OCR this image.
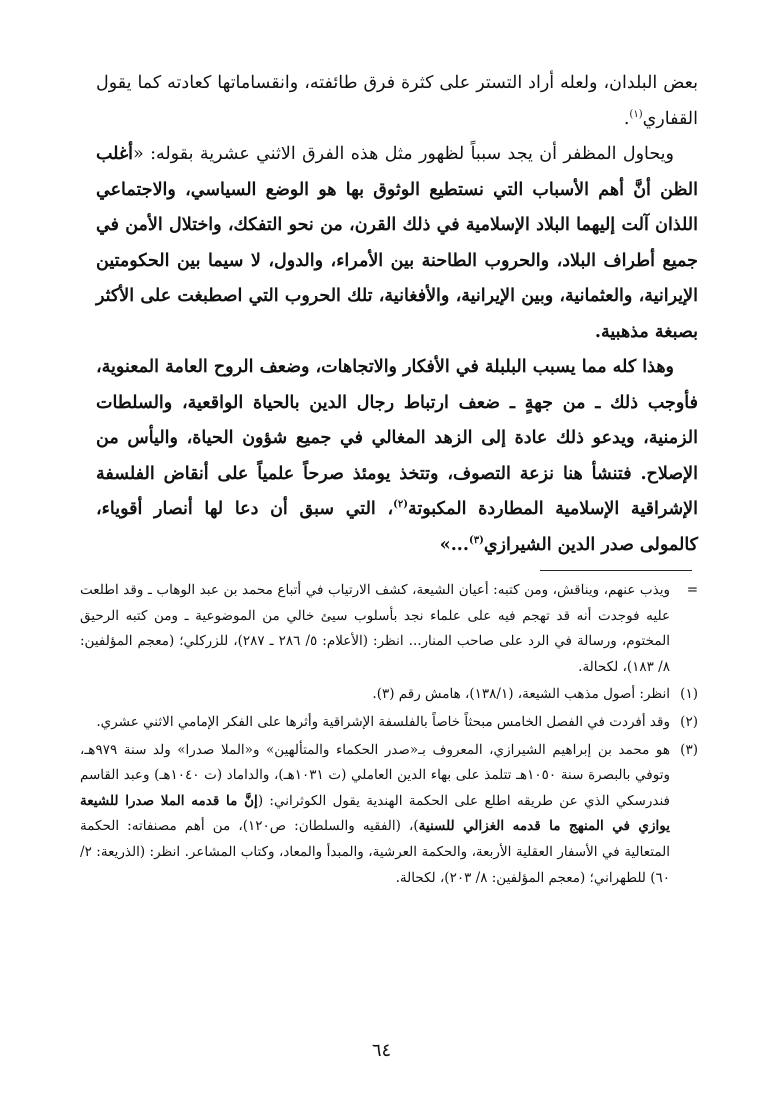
بعض البلدان، ولعله أراد التستر على كثرة فرق طائفته، وانقساماتها كعادته كما يقول القفاري$^{(١)}$.

ويحاول المظفر أن يجد سبباً لظهور مثل هذه الفرق الاثني عشرية بقوله: «أغلب الظن أنَّ أهم الأسباب التي نستطيع الوثوق بها هو الوضع السياسي، والاجتماعي اللذان آلت إليهما البلاد الإسلامية في ذلك القرن، من نحو التفكك، واختلال الأمن في جميع أطراف البلاد، والحروب الطاحنة بين الأمراء، والدول، لا سيما بين الحكومتين الإيرانية، والعثمانية، وبين الإيرانية، والأفغانية، تلك الحروب التي اصطبغت على الأكثر بصبغة مذهبية.

وهذا كله مما يسبب البلبلة في الأفكار والاتجاهات، وضعف الروح العامة المعنوية، فأوجب ذلك ـ من جهةٍ ـ ضعف ارتباط رجال الدين بالحياة الواقعية، والسلطات الزمنية، ويدعو ذلك عادة إلى الزهد المغالي في جميع شؤون الحياة، واليأس من الإصلاح. فتنشأ هنا نزعة التصوف، وتتخذ يومئذ صرحاً علمياً على أنقاض الفلسفة الإشراقية الإسلامية المطاردة المكبوتة$^{(٢)}$، التي سبق أن دعا لها أنصار أقوياء، كالمولى صدر الدين الشيرازي$^{(٣)}$...»

=
ويذب عنهم، ويناقش، ومن كتبه: أعيان الشيعة، كشف الارتياب في أتباع محمد بن عبد الوهاب ـ وقد اطلعت عليه فوجدت أنه قد تهجم فيه على علماء نجد بأسلوب سيئ خالي من الموضوعية ـ ومن كتبه الرحيق المختوم، ورسالة في الرد على صاحب المنار... انظر: (الأعلام: ٥/ ٢٨٦ ـ ٢٨٧)، للزركلي؛ (معجم المؤلفين: ٨/ ١٨٣)، لكحالة.
(١)
انظر: أصول مذهب الشيعة، (١٣٨/١)، هامش رقم (٣).
(٢)
وقد أفردت في الفصل الخامس مبحثاً خاصاً بالفلسفة الإشراقية وأثرها على الفكر الإمامي الاثني عشري.
(٣)
هو محمد بن إبراهيم الشيرازي، المعروف بـ«صدر الحكماء والمتألهين» و«الملا صدرا» ولد سنة ٩٧٩هـ، وتوفي بالبصرة سنة ١٠٥٠هـ تتلمذ على بهاء الدين العاملي (ت ١٠٣١هـ)، والداماد (ت ١٠٤٠هـ) وعبد القاسم فندرسكي الذي عن طريقه اطلع على الحكمة الهندية يقول الكوثراني: (إنَّ ما قدمه الملا صدرا للشيعة يوازي في المنهج ما قدمه الغزالي للسنية)، (الفقيه والسلطان: ص١٢٠)، من أهم مصنفاته: الحكمة المتعالية في الأسفار العقلية الأربعة، والحكمة العرشية، والمبدأ والمعاد، وكتاب المشاعر. انظر: (الذريعة: ٢/ ٦٠) للطهراني؛ (معجم المؤلفين: ٨/ ٢٠٣)، لكحالة.
٦٤
